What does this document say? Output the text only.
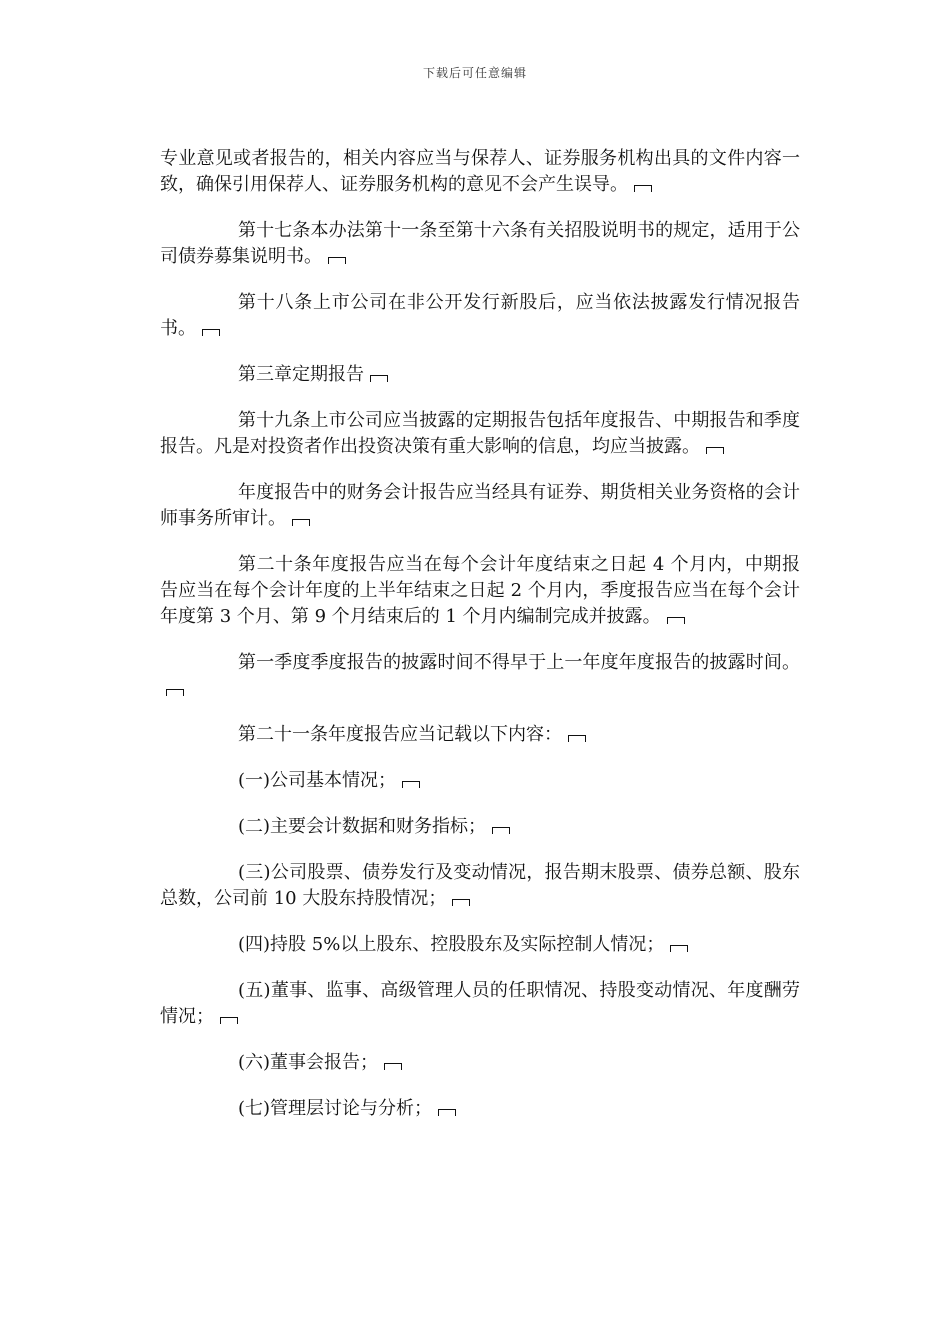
下载后可任意编辑

专业意见或者报告的，相关内容应当与保荐人、证券服务机构出具的文件内容一致，确保引用保荐人、证券服务机构的意见不会产生误导。

第十七条本办法第十一条至第十六条有关招股说明书的规定，适用于公司债券募集说明书。

第十八条上市公司在非公开发行新股后，应当依法披露发行情况报告书。

第三章定期报告

第十九条上市公司应当披露的定期报告包括年度报告、中期报告和季度报告。凡是对投资者作出投资决策有重大影响的信息，均应当披露。

年度报告中的财务会计报告应当经具有证券、期货相关业务资格的会计师事务所审计。

第二十条年度报告应当在每个会计年度结束之日起 4 个月内，中期报告应当在每个会计年度的上半年结束之日起 2 个月内，季度报告应当在每个会计年度第 3 个月、第 9 个月结束后的 1 个月内编制完成并披露。

第一季度季度报告的披露时间不得早于上一年度年度报告的披露时间。

第二十一条年度报告应当记载以下内容：

(一)公司基本情况；

(二)主要会计数据和财务指标；

(三)公司股票、债券发行及变动情况，报告期末股票、债券总额、股东总数，公司前 10 大股东持股情况；

(四)持股 5%以上股东、控股股东及实际控制人情况；

(五)董事、监事、高级管理人员的任职情况、持股变动情况、年度酬劳情况；

(六)董事会报告；

(七)管理层讨论与分析；
